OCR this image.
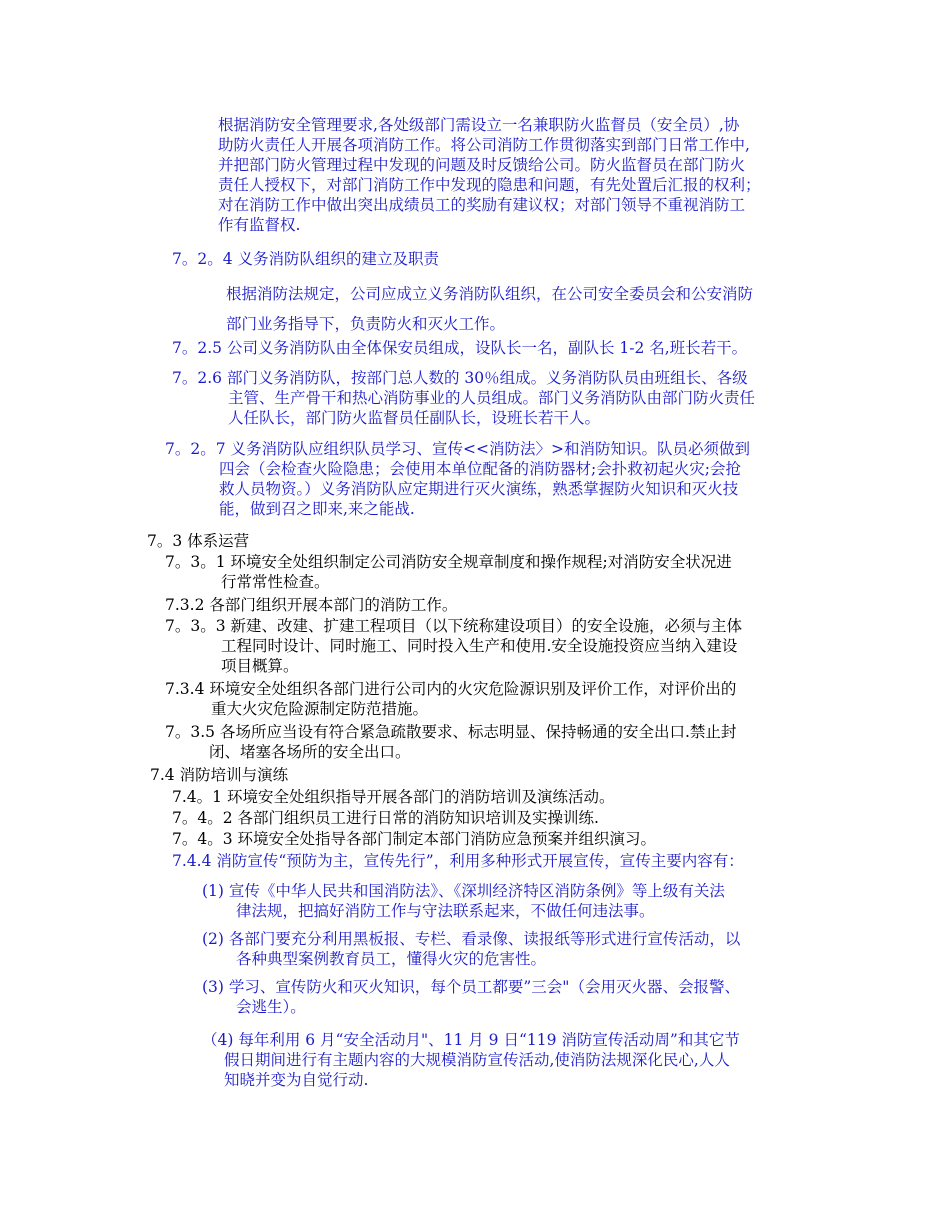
根据消防安全管理要求,各处级部门需设立一名兼职防火监督员（安全员）,协
助防火责任人开展各项消防工作。将公司消防工作贯彻落实到部门日常工作中,
并把部门防火管理过程中发现的问题及时反馈给公司。防火监督员在部门防火
责任人授权下，对部门消防工作中发现的隐患和问题，有先处置后汇报的权利；
对在消防工作中做出突出成绩员工的奖励有建议权；对部门领导不重视消防工
作有监督权.
7。2。4 义务消防队组织的建立及职责
根据消防法规定，公司应成立义务消防队组织，在公司安全委员会和公安消防
部门业务指导下，负责防火和灭火工作。
7。2.5 公司义务消防队由全体保安员组成，设队长一名，副队长 1-2 名,班长若干。
7。2.6 部门义务消防队，按部门总人数的 30％组成。义务消防队员由班组长、各级
主管、生产骨干和热心消防事业的人员组成。部门义务消防队由部门防火责任
人任队长，部门防火监督员任副队长，设班长若干人。
7。2。7 义务消防队应组织队员学习、宣传<<消防法〉>和消防知识。队员必须做到
四会（会检查火险隐患；会使用本单位配备的消防器材;会扑救初起火灾;会抢
救人员物资。）义务消防队应定期进行灭火演练，熟悉掌握防火知识和灭火技
能，做到召之即来,来之能战.
7。3 体系运营
7。3。1 环境安全处组织制定公司消防安全规章制度和操作规程;对消防安全状况进
行常常性检查。
7.3.2 各部门组织开展本部门的消防工作。
7。3。3 新建、改建、扩建工程项目（以下统称建设项目）的安全设施，必须与主体
工程同时设计、同时施工、同时投入生产和使用.安全设施投资应当纳入建设
项目概算。
7.3.4 环境安全处组织各部门进行公司内的火灾危险源识别及评价工作，对评价出的
重大火灾危险源制定防范措施。
7。3.5 各场所应当设有符合紧急疏散要求、标志明显、保持畅通的安全出口.禁止封
闭、堵塞各场所的安全出口。
7.4 消防培训与演练
7.4。1 环境安全处组织指导开展各部门的消防培训及演练活动。
7。4。2 各部门组织员工进行日常的消防知识培训及实操训练.
7。4。3 环境安全处指导各部门制定本部门消防应急预案并组织演习。
7.4.4 消防宣传“预防为主，宣传先行”，利用多种形式开展宣传，宣传主要内容有：
(1) 宣传《中华人民共和国消防法》、《深圳经济特区消防条例》等上级有关法
律法规，把搞好消防工作与守法联系起来，不做任何违法事。
(2) 各部门要充分利用黑板报、专栏、看录像、读报纸等形式进行宣传活动，以
各种典型案例教育员工，懂得火灾的危害性。
(3) 学习、宣传防火和灭火知识，每个员工都要”三会"（会用灭火器、会报警、
会逃生）。
（4) 每年利用 6 月“安全活动月"、11 月 9 日“119 消防宣传活动周”和其它节
假日期间进行有主题内容的大规模消防宣传活动,使消防法规深化民心,人人
知晓并变为自觉行动.
